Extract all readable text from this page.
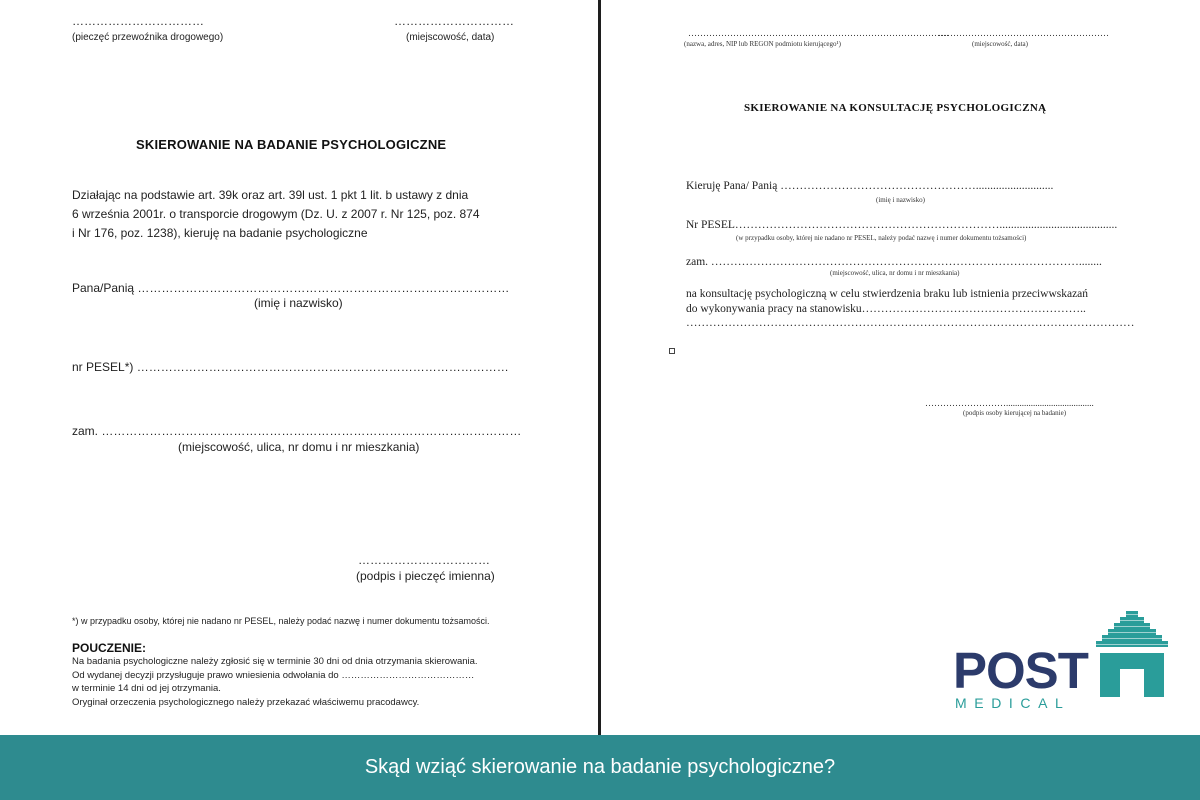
……………………………
(pieczęć przewoźnika drogowego)
…………………………
(miejscowość, data)
SKIEROWANIE NA BADANIE PSYCHOLOGICZNE
Działając na podstawie art. 39k oraz art. 39l ust. 1 pkt 1 lit. b ustawy z dnia
6 września 2001r. o transporcie drogowym (Dz. U. z 2007 r. Nr 125, poz. 874
i Nr 176, poz. 1238), kieruję na badanie psychologiczne
Pana/Panią …………………………………………………………………………………
(imię i nazwisko)
nr PESEL*) …………………………………………………………………………………
zam. ……………………………………………………………………………………………
(miejscowość, ulica, nr domu i nr mieszkania)
……………………………
(podpis i pieczęć imienna)
*) w przypadku osoby, której nie nadano nr PESEL, należy podać nazwę i numer dokumentu tożsamości.
POUCZENIE:
Na badania psychologiczne należy zgłosić się w terminie 30 dni od dnia otrzymania skierowania.
Od wydanej decyzji przysługuje prawo wniesienia odwołania do ……………………………………
w terminie 14 dni od jej otrzymania.
Oryginał orzeczenia psychologicznego należy przekazać właściwemu pracodawcy.
……………………………………………………………………………
(nazwa, adres, NIP lub REGON podmiotu kierującego¹)
…………………………………………………
(miejscowość, data)
SKIEROWANIE NA KONSULTACJĘ PSYCHOLOGICZNĄ
Kieruję Pana/ Panią ……………………………………………...........................
(imię i nazwisko)
Nr PESEL…………………………………………………………….........................................
(w przypadku osoby, której nie nadano nr PESEL, należy podać nazwę i numer dokumentu tożsamości)
zam. ……………………………………………………………………………………........
(miejscowość, ulica, nr domu i nr mieszkania)
na konsultację psychologiczną w celu stwierdzenia braku lub istnienia przeciwwskazań
do wykonywania pracy na stanowisku…………………………………………………..
………………………………………………………………………………………………………
……………………….......................................
(podpis osoby kierującej na badanie)
POST
MEDICAL
Skąd wziąć skierowanie na badanie psychologiczne?
